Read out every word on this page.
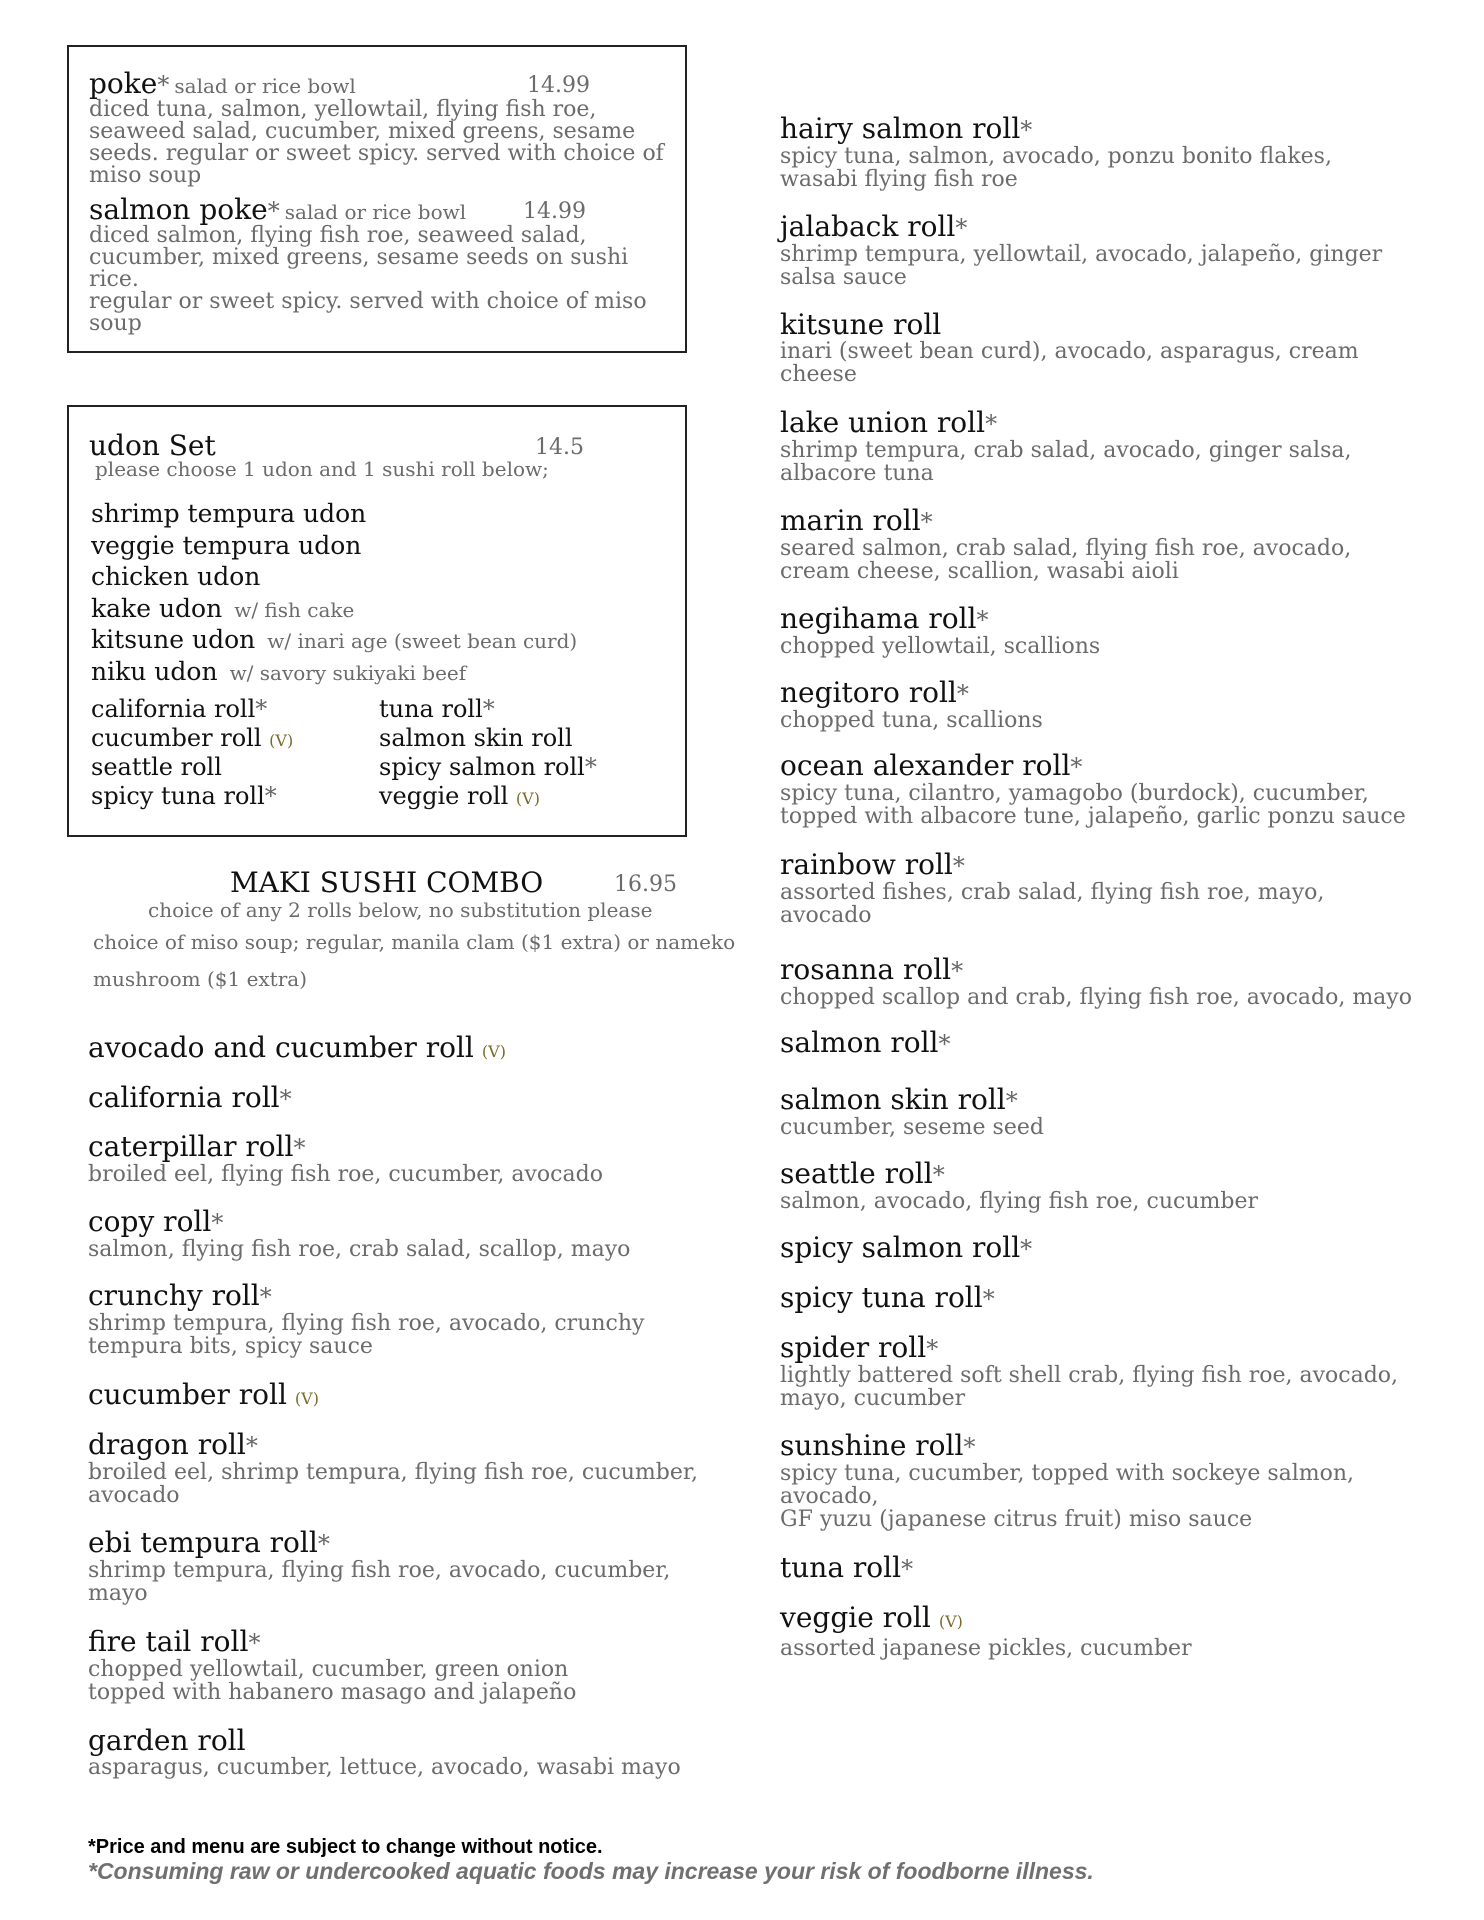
poke* salad or rice bowl	14.99
diced tuna, salmon, yellowtail, flying fish roe,
seaweed salad, cucumber, mixed greens, sesame
seeds. regular or sweet spicy. served with choice of
miso soup
salmon poke* salad or rice bowl	14.99
diced salmon, flying fish roe, seaweed salad,
cucumber, mixed greens, sesame seeds on sushi rice.
regular or sweet spicy. served with choice of miso
soup
udon Set	14.5
please choose 1 udon and 1 sushi roll below;
shrimp tempura udon
veggie tempura udon
chicken udon
kake udon w/ fish cake
kitsune udon w/ inari age (sweet bean curd)
niku udon w/ savory sukiyaki beef
california roll*
cucumber roll (V)
seattle roll
spicy tuna roll*
tuna roll*
salmon skin roll
spicy salmon roll*
veggie roll (V)
MAKI SUSHI COMBO	16.95
choice of any 2 rolls below, no substitution please
choice of miso soup; regular, manila clam ($1 extra) or nameko
mushroom ($1 extra)
avocado and cucumber roll (V)
california roll*
caterpillar roll*
broiled eel, flying fish roe, cucumber, avocado
copy roll*
salmon, flying fish roe, crab salad, scallop, mayo
crunchy roll*
shrimp tempura, flying fish roe, avocado, crunchy
tempura bits, spicy sauce
cucumber roll (V)
dragon roll*
broiled eel, shrimp tempura, flying fish roe, cucumber,
avocado
ebi tempura roll*
shrimp tempura, flying fish roe, avocado, cucumber,
mayo
fire tail roll*
chopped yellowtail, cucumber, green onion
topped with habanero masago and jalapeño
garden roll
asparagus, cucumber, lettuce, avocado, wasabi mayo
hairy salmon roll*
spicy tuna, salmon, avocado, ponzu bonito flakes,
wasabi flying fish roe
jalaback roll*
shrimp tempura, yellowtail, avocado, jalapeño, ginger
salsa sauce
kitsune roll
inari (sweet bean curd), avocado, asparagus, cream
cheese
lake union roll*
shrimp tempura, crab salad, avocado, ginger salsa,
albacore tuna
marin roll*
seared salmon, crab salad, flying fish roe, avocado,
cream cheese, scallion, wasabi aioli
negihama roll*
chopped yellowtail, scallions
negitoro roll*
chopped tuna, scallions
ocean alexander roll*
spicy tuna, cilantro, yamagobo (burdock), cucumber,
topped with albacore tune, jalapeño, garlic ponzu sauce
rainbow roll*
assorted fishes, crab salad, flying fish roe, mayo,
avocado
rosanna roll*
chopped scallop and crab, flying fish roe, avocado, mayo
salmon roll*
salmon skin roll*
cucumber, seseme seed
seattle roll*
salmon, avocado, flying fish roe, cucumber
spicy salmon roll*
spicy tuna roll*
spider roll*
lightly battered soft shell crab, flying fish roe, avocado,
mayo, cucumber
sunshine roll*
spicy tuna, cucumber, topped with sockeye salmon,
avocado,
GF yuzu (japanese citrus fruit) miso sauce
tuna roll*
veggie roll (V)
assorted japanese pickles, cucumber
*Price and menu are subject to change without notice.
*Consuming raw or undercooked aquatic foods may increase your risk of foodborne illness.
